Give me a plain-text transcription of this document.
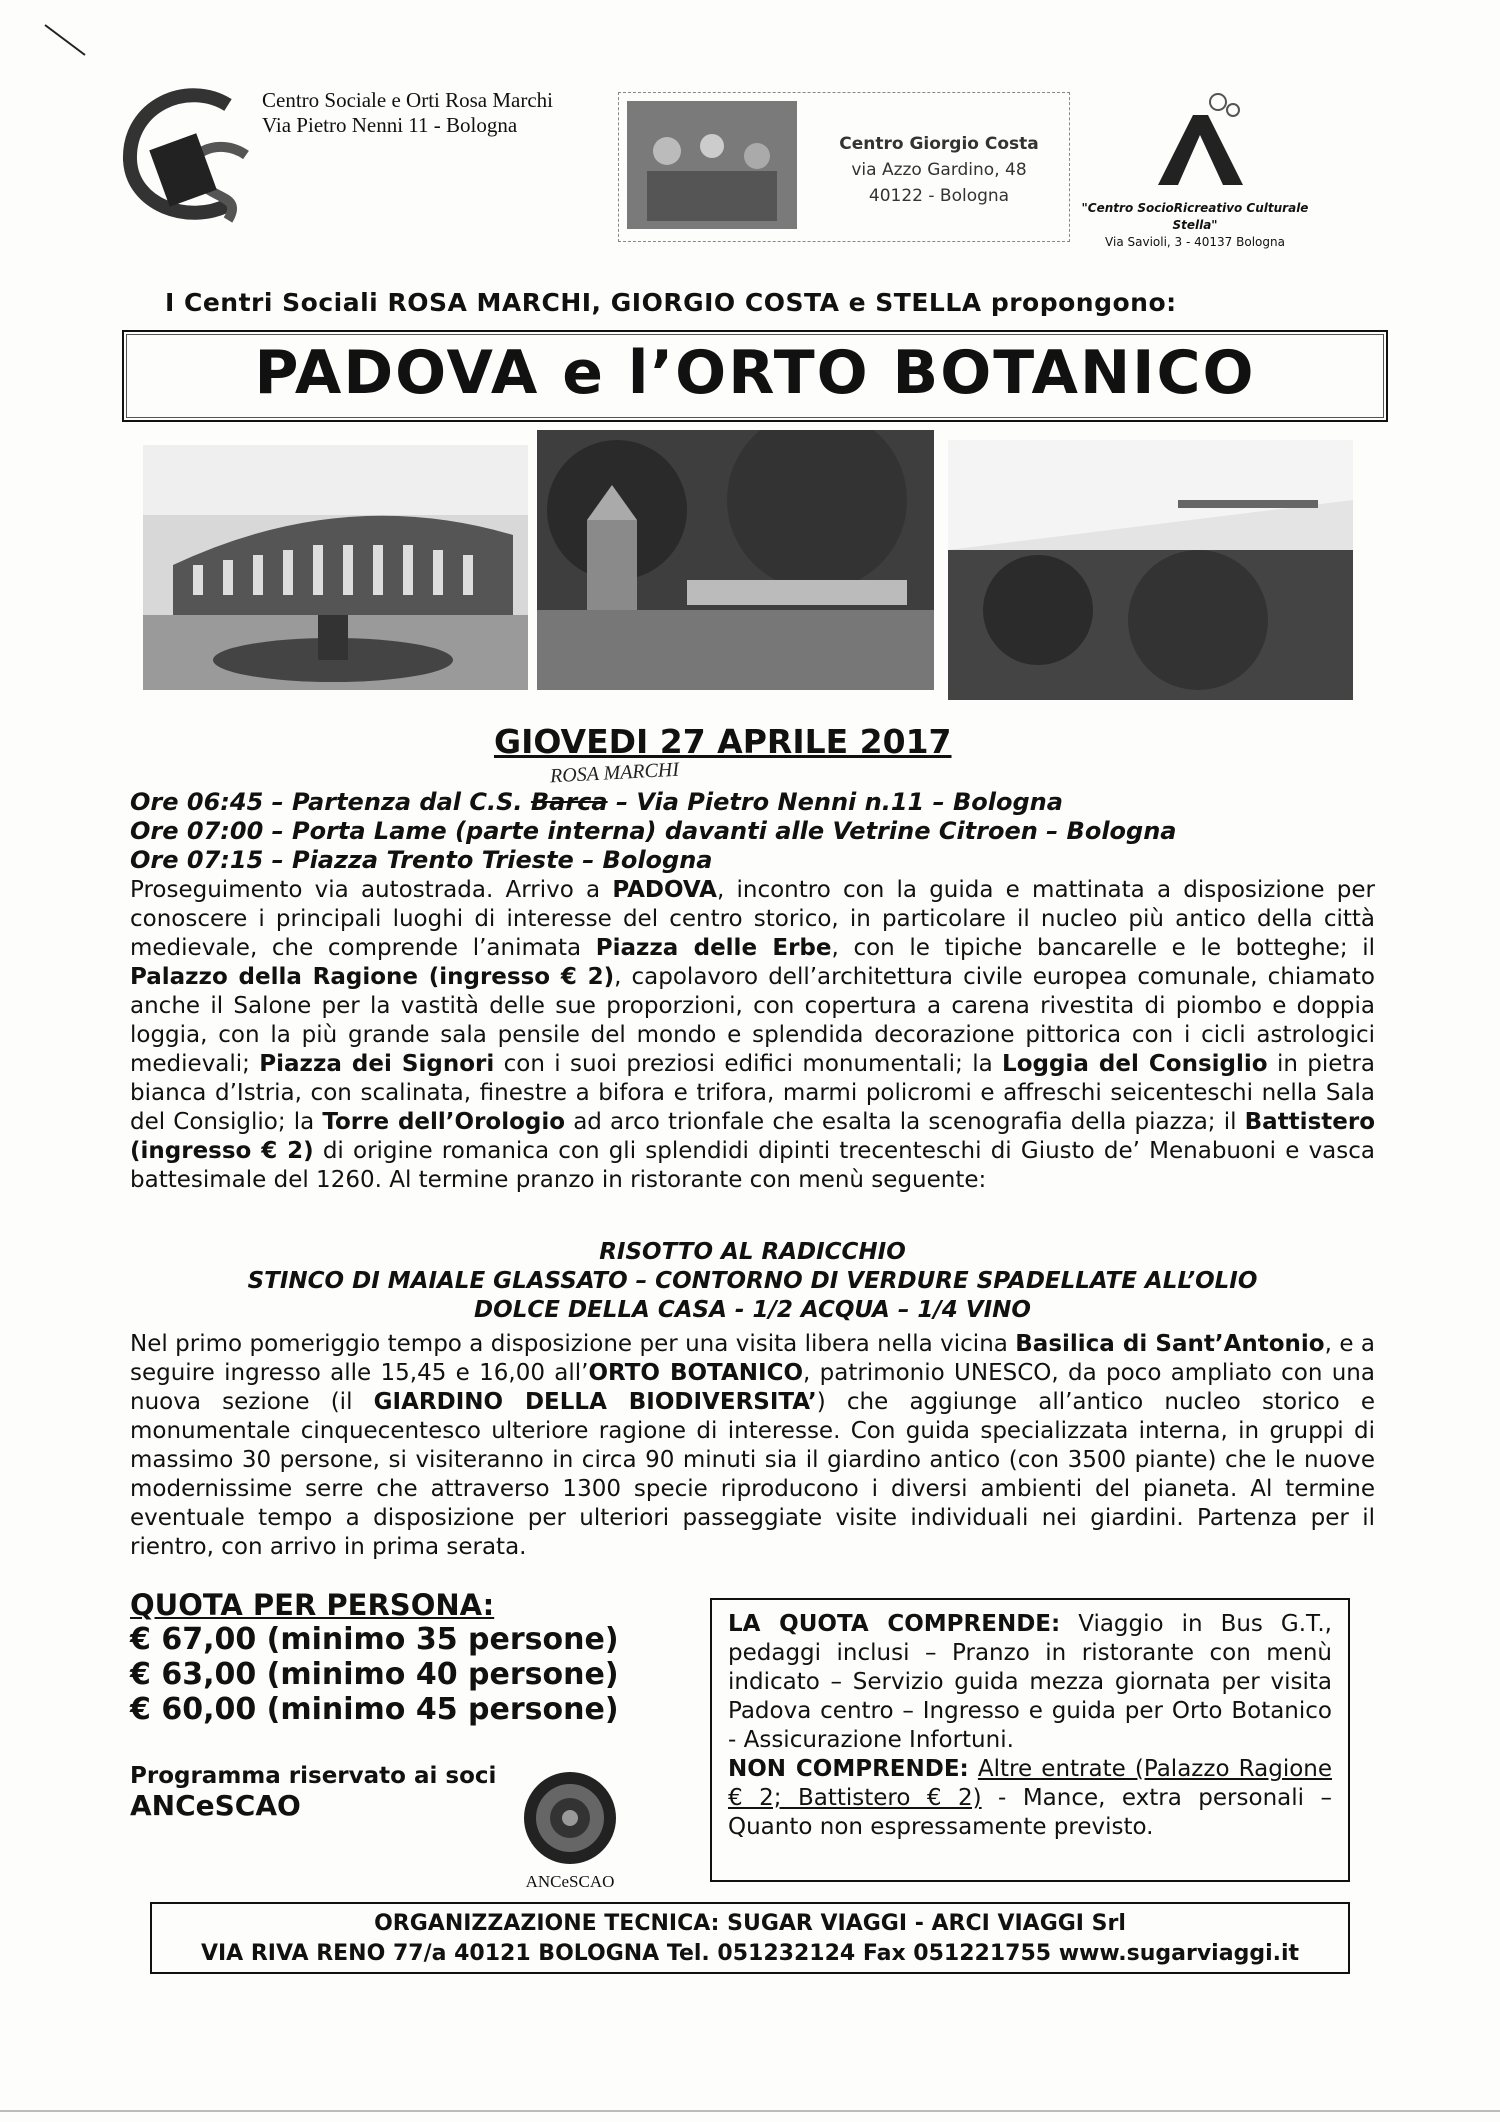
Centro Sociale e Orti Rosa Marchi
Via Pietro Nenni 11 - Bologna
Centro Giorgio Costa
via Azzo Gardino, 48
40122 - Bologna
"Centro SocioRicreativo Culturale Stella"
Via Savioli, 3 - 40137 Bologna
I Centri Sociali ROSA MARCHI, GIORGIO COSTA e STELLA propongono:
PADOVA e l’ORTO BOTANICO
GIOVEDI 27 APRILE 2017
ROSA MARCHI
Ore 06:45 – Partenza dal C.S. Barca – Via Pietro Nenni n.11 – Bologna
Ore 07:00 – Porta Lame (parte interna) davanti alle Vetrine Citroen – Bologna
Ore 07:15 – Piazza Trento Trieste – Bologna
Proseguimento via autostrada. Arrivo a PADOVA, incontro con la guida e mattinata a disposizione per conoscere i principali luoghi di interesse del centro storico, in particolare il nucleo più antico della città medievale, che comprende l’animata Piazza delle Erbe, con le tipiche bancarelle e le botteghe; il Palazzo della Ragione (ingresso € 2), capolavoro dell’architettura civile europea comunale, chiamato anche il Salone per la vastità delle sue proporzioni, con copertura a carena rivestita di piombo e doppia loggia, con la più grande sala pensile del mondo e splendida decorazione pittorica con i cicli astrologici medievali; Piazza dei Signori con i suoi preziosi edifici monumentali; la Loggia del Consiglio in pietra bianca d’Istria, con scalinata, finestre a bifora e trifora, marmi policromi e affreschi seicenteschi nella Sala del Consiglio; la Torre dell’Orologio ad arco trionfale che esalta la scenografia della piazza; il Battistero (ingresso € 2) di origine romanica con gli splendidi dipinti trecenteschi di Giusto de’ Menabuoni e vasca battesimale del 1260. Al termine pranzo in ristorante con menù seguente:
RISOTTO AL RADICCHIO
STINCO DI MAIALE GLASSATO – CONTORNO DI VERDURE SPADELLATE ALL’OLIO
DOLCE DELLA CASA - 1/2 ACQUA – 1/4 VINO
Nel primo pomeriggio tempo a disposizione per una visita libera nella vicina Basilica di Sant’Antonio, e a seguire ingresso alle 15,45 e 16,00 all’ORTO BOTANICO, patrimonio UNESCO, da poco ampliato con una nuova sezione (il GIARDINO DELLA BIODIVERSITA’) che aggiunge all’antico nucleo storico e monumentale cinquecentesco ulteriore ragione di interesse. Con guida specializzata interna, in gruppi di massimo 30 persone, si visiteranno in circa 90 minuti sia il giardino antico (con 3500 piante) che le nuove modernissime serre che attraverso 1300 specie riproducono i diversi ambienti del pianeta. Al termine eventuale tempo a disposizione per ulteriori passeggiate visite individuali nei giardini. Partenza per il rientro, con arrivo in prima serata.
QUOTA PER PERSONA:
€ 67,00 (minimo 35 persone)
€ 63,00 (minimo 40 persone)
€ 60,00 (minimo 45 persone)
Programma riservato ai soci
ANCeSCAO
ANCeSCAO
LA QUOTA COMPRENDE: Viaggio in Bus G.T., pedaggi inclusi – Pranzo in ristorante con menù indicato – Servizio guida mezza giornata per visita Padova centro – Ingresso e guida per Orto Botanico - Assicurazione Infortuni.
NON COMPRENDE: Altre entrate (Palazzo Ragione € 2; Battistero € 2) - Mance, extra personali – Quanto non espressamente previsto.
ORGANIZZAZIONE TECNICA: SUGAR VIAGGI - ARCI VIAGGI Srl
VIA RIVA RENO 77/a 40121 BOLOGNA Tel. 051232124 Fax 051221755 www.sugarviaggi.it
